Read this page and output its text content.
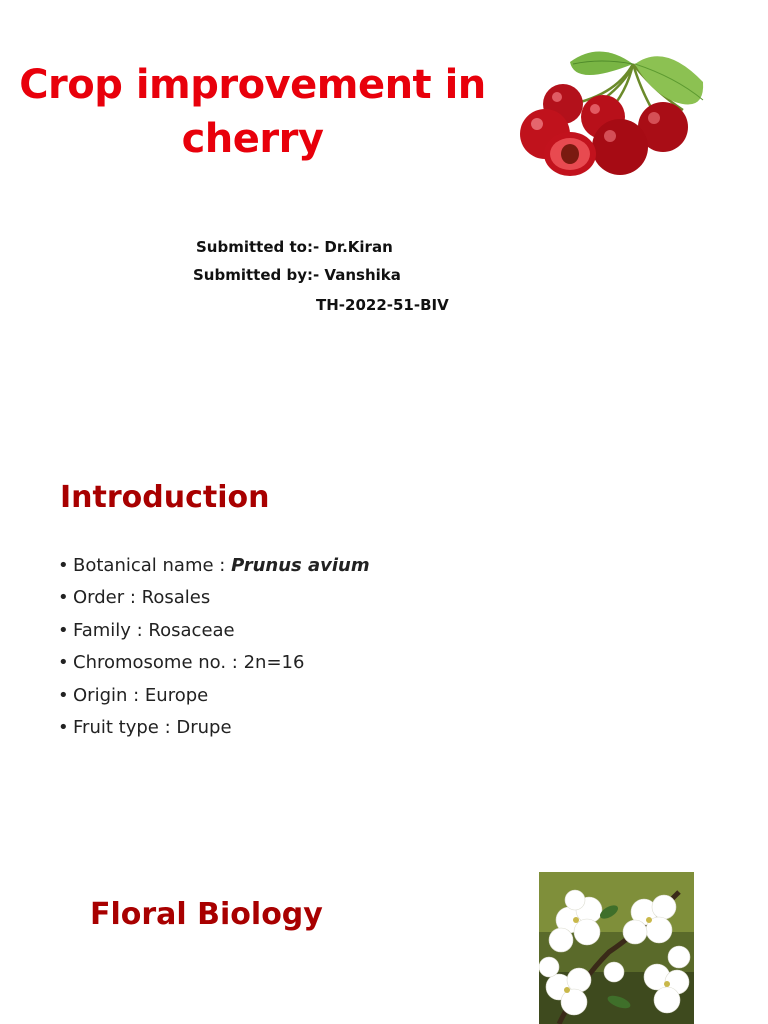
Crop improvement in
cherry
Submitted to:- Dr.Kiran
Submitted by:- Vanshika
TH-2022-51-BIV
Introduction
• Botanical name : Prunus avium
• Order : Rosales
• Family : Rosaceae
• Chromosome no. : 2n=16
• Origin : Europe
• Fruit type : Drupe
Floral Biology
